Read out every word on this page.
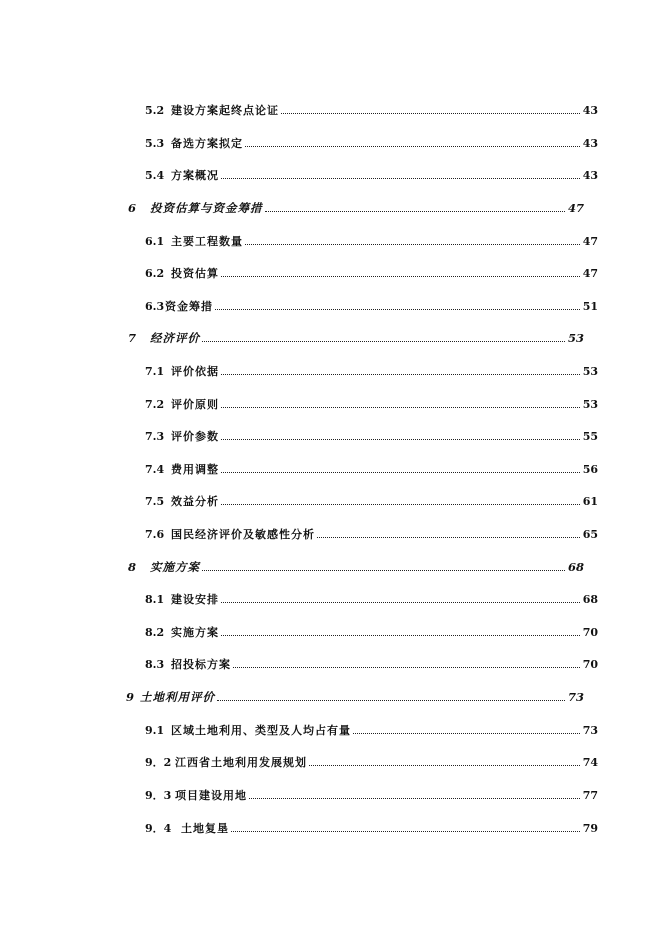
5.2 建设方案起终点论证	43
5.3 备选方案拟定	43
5.4 方案概况	43
6	投资估算与资金筹措	47
6.1 主要工程数量	47
6.2 投资估算	47
6.3 资金筹措	51
7	经济评价	53
7.1 评价依据	53
7.2 评价原则	53
7.3 评价参数	55
7.4 费用调整	56
7.5 效益分析	61
7.6 国民经济评价及敏感性分析	65
8	实施方案	68
8.1 建设安排	68
8.2 实施方案	70
8.3 招投标方案	70
9 土地利用评价	73
9.1 区域土地利用、类型及人均占有量	73
9．2 江西省土地利用发展规划	74
9．3 项目建设用地	77
9．4 土地复垦	79
